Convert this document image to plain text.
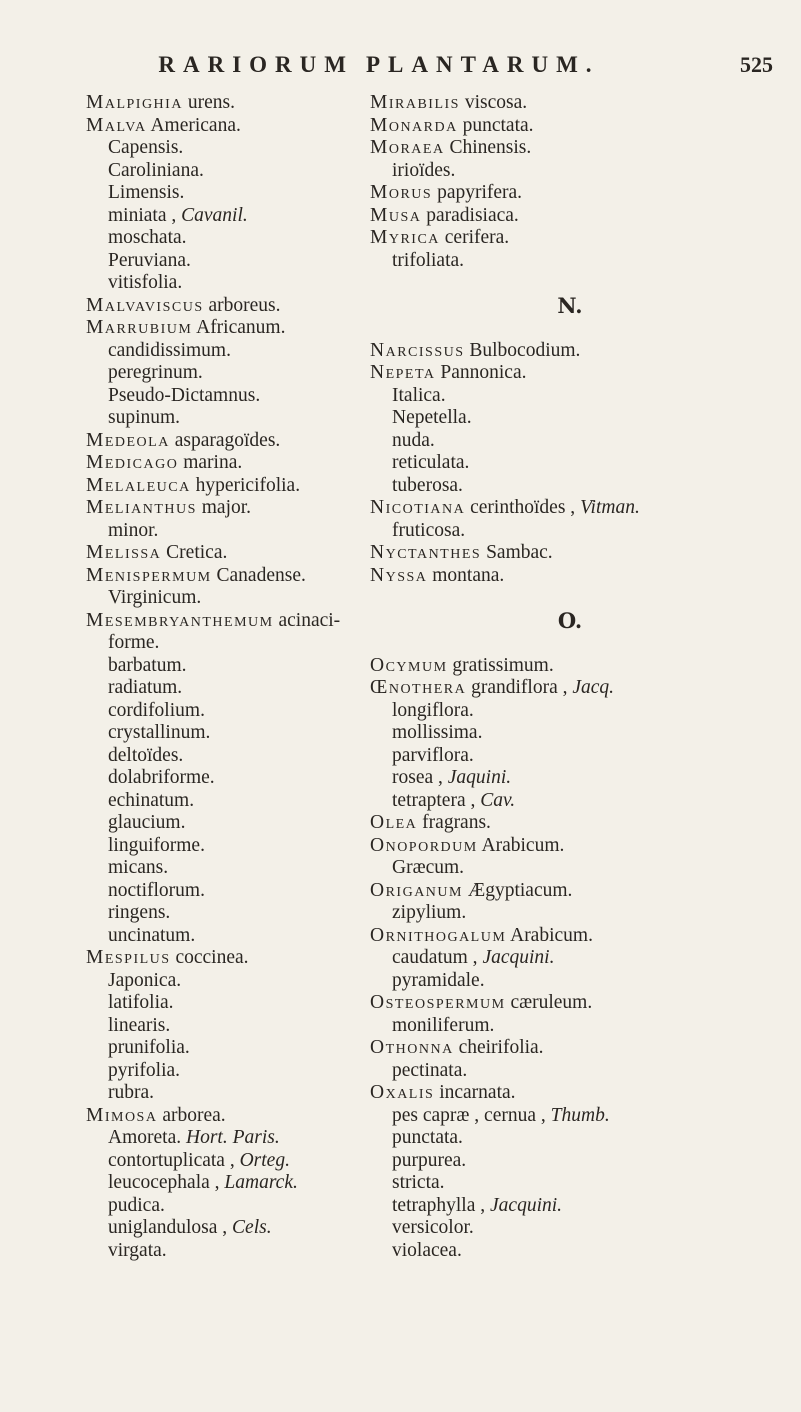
RARIORUM PLANTARUM.	525
Malpighia urens.
Malva Americana.
Capensis.
Caroliniana.
Limensis.
miniata , Cavanil.
moschata.
Peruviana.
vitisfolia.
Malvaviscus arboreus.
Marrubium Africanum.
candidissimum.
peregrinum.
Pseudo-Dictamnus.
supinum.
Medeola asparagoïdes.
Medicago marina.
Melaleuca hypericifolia.
Melianthus major.
minor.
Melissa Cretica.
Menispermum Canadense.
Virginicum.
Mesembryanthemum acinaci-
forme.
barbatum.
radiatum.
cordifolium.
crystallinum.
deltoïdes.
dolabriforme.
echinatum.
glaucium.
linguiforme.
micans.
noctiflorum.
ringens.
uncinatum.
Mespilus coccinea.
Japonica.
latifolia.
linearis.
prunifolia.
pyrifolia.
rubra.
Mimosa arborea.
Amoreta. Hort. Paris.
contortuplicata , Orteg.
leucocephala , Lamarck.
pudica.
uniglandulosa , Cels.
virgata.
Mirabilis viscosa.
Monarda punctata.
Moraea Chinensis.
irioïdes.
Morus papyrifera.
Musa paradisiaca.
Myrica cerifera.
trifoliata.
N.
Narcissus Bulbocodium.
Nepeta Pannonica.
Italica.
Nepetella.
nuda.
reticulata.
tuberosa.
Nicotiana cerinthoïdes , Vitman.
fruticosa.
Nyctanthes Sambac.
Nyssa montana.
O.
Ocymum gratissimum.
Œnothera grandiflora , Jacq.
longiflora.
mollissima.
parviflora.
rosea , Jaquini.
tetraptera , Cav.
Olea fragrans.
Onopordum Arabicum.
Græcum.
Origanum Ægyptiacum.
zipylium.
Ornithogalum Arabicum.
caudatum , Jacquini.
pyramidale.
Osteospermum cæruleum.
moniliferum.
Othonna cheirifolia.
pectinata.
Oxalis incarnata.
pes capræ , cernua , Thumb.
punctata.
purpurea.
stricta.
tetraphylla , Jacquini.
versicolor.
violacea.
